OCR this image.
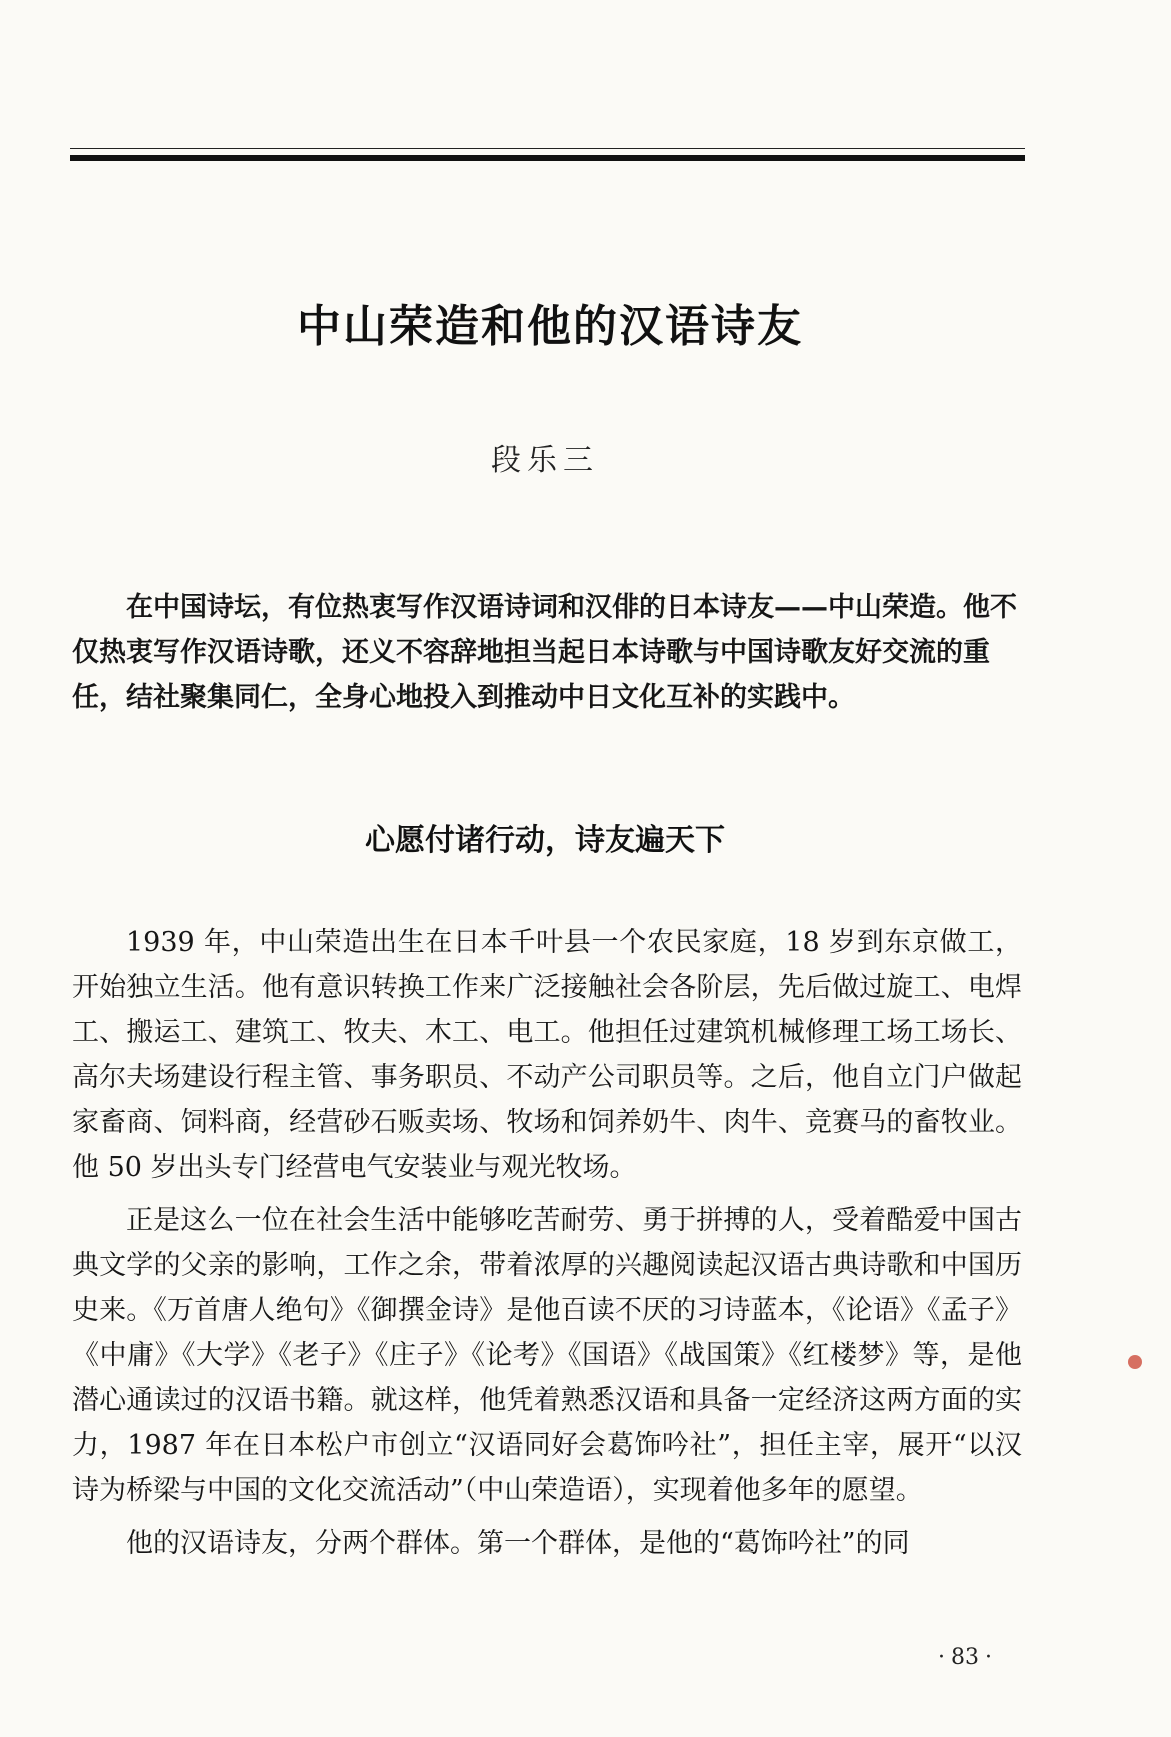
中山荣造和他的汉语诗友
段乐三

在中国诗坛，有位热衷写作汉语诗词和汉俳的日本诗友——中山荣造。他不仅热衷写作汉语诗歌，还义不容辞地担当起日本诗歌与中国诗歌友好交流的重任，结社聚集同仁，全身心地投入到推动中日文化互补的实践中。

心愿付诸行动，诗友遍天下

1939 年，中山荣造出生在日本千叶县一个农民家庭，18 岁到东京做工，开始独立生活。他有意识转换工作来广泛接触社会各阶层，先后做过旋工、电焊工、搬运工、建筑工、牧夫、木工、电工。他担任过建筑机械修理工场工场长、高尔夫场建设行程主管、事务职员、不动产公司职员等。之后，他自立门户做起家畜商、饲料商，经营砂石贩卖场、牧场和饲养奶牛、肉牛、竞赛马的畜牧业。他 50 岁出头专门经营电气安装业与观光牧场。

正是这么一位在社会生活中能够吃苦耐劳、勇于拼搏的人，受着酷爱中国古典文学的父亲的影响，工作之余，带着浓厚的兴趣阅读起汉语古典诗歌和中国历史来。《万首唐人绝句》《御撰金诗》是他百读不厌的习诗蓝本，《论语》《孟子》《中庸》《大学》《老子》《庄子》《论考》《国语》《战国策》《红楼梦》等，是他潜心通读过的汉语书籍。就这样，他凭着熟悉汉语和具备一定经济这两方面的实力，1987 年在日本松户市创立“汉语同好会葛饰吟社”，担任主宰，展开“以汉诗为桥梁与中国的文化交流活动”（中山荣造语），实现着他多年的愿望。

他的汉语诗友，分两个群体。第一个群体，是他的“葛饰吟社”的同

· 83 ·
